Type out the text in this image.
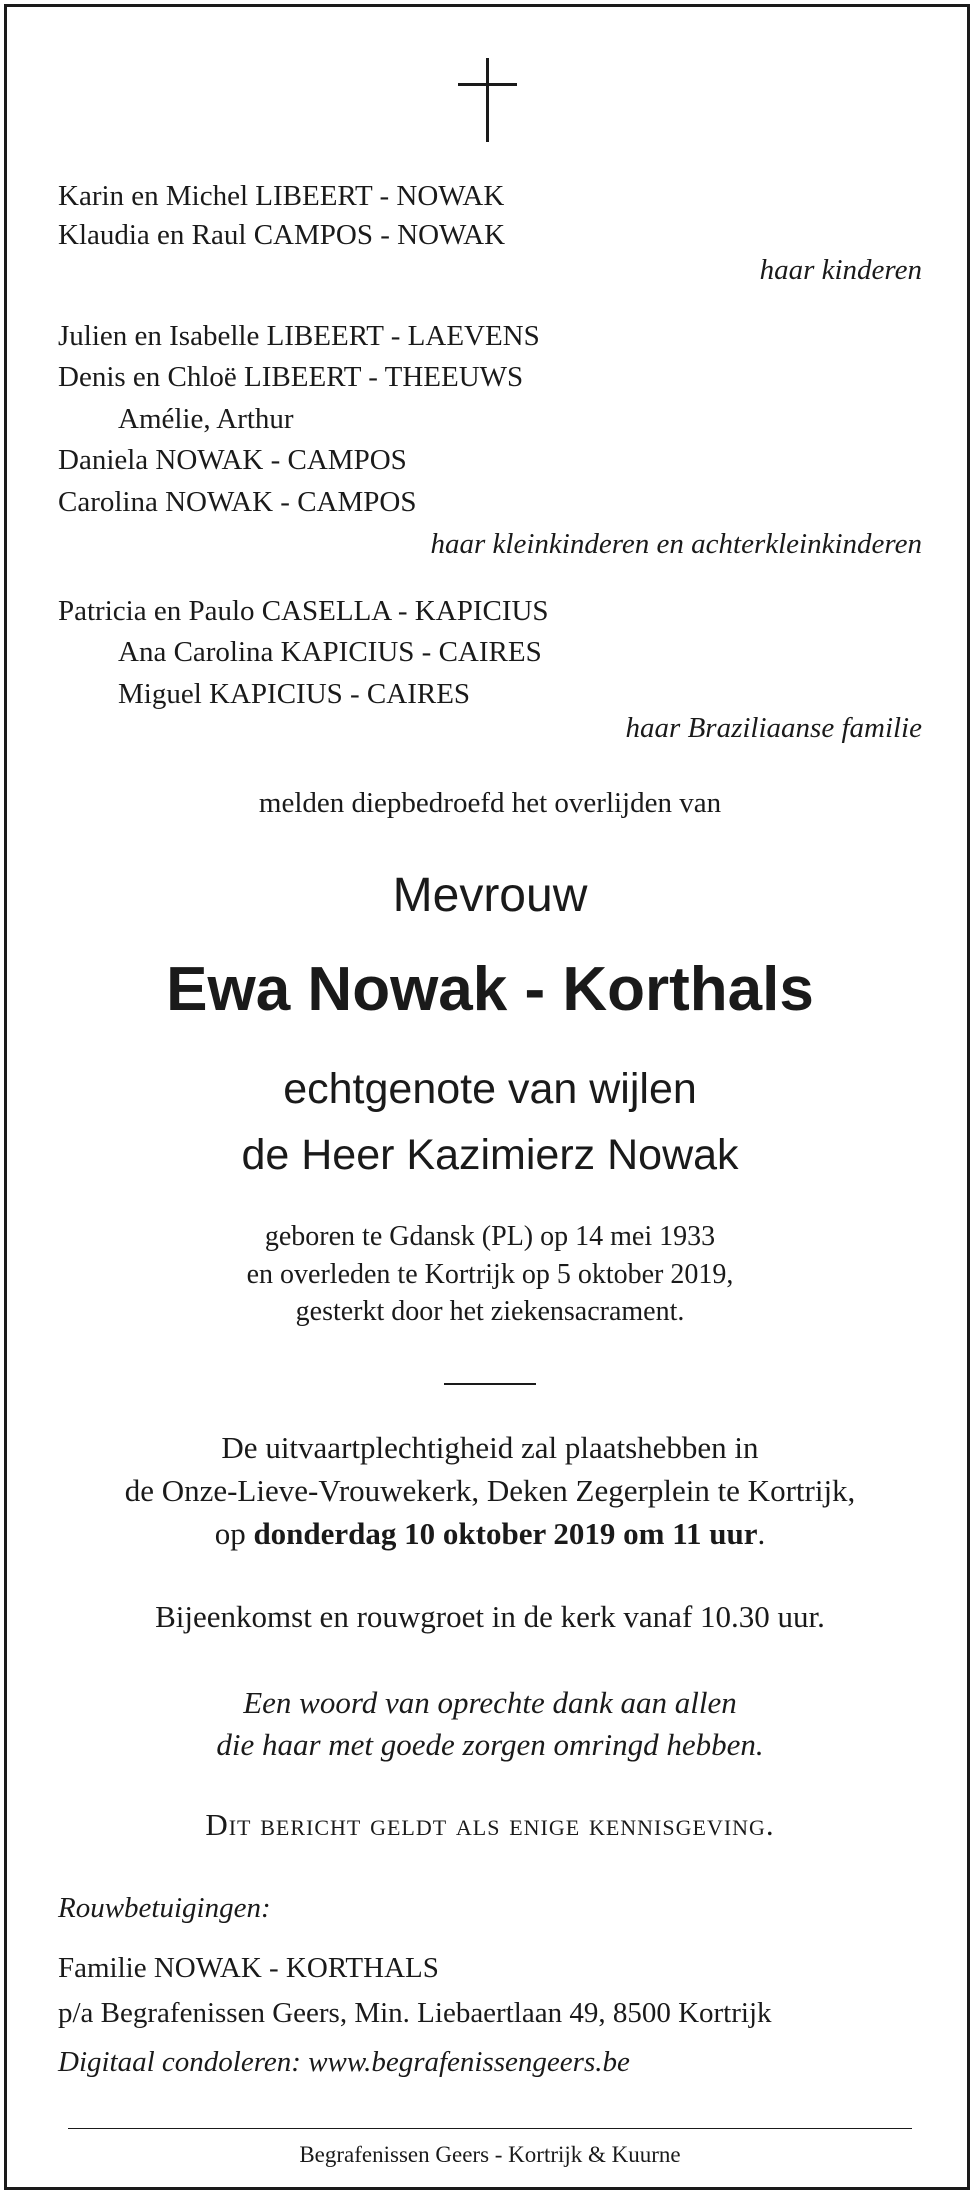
Karin en Michel LIBEERT - NOWAK
Klaudia en Raul CAMPOS - NOWAK
haar kinderen
Julien en Isabelle LIBEERT - LAEVENS
Denis en Chloë LIBEERT - THEEUWS
Amélie, Arthur
Daniela NOWAK - CAMPOS
Carolina NOWAK - CAMPOS
haar kleinkinderen en achterkleinkinderen
Patricia en Paulo CASELLA - KAPICIUS
Ana Carolina KAPICIUS - CAIRES
Miguel KAPICIUS - CAIRES
haar Braziliaanse familie
melden diepbedroefd het overlijden van
Mevrouw
Ewa Nowak - Korthals
echtgenote van wijlen
de Heer Kazimierz Nowak
geboren te Gdansk (PL) op 14 mei 1933
en overleden te Kortrijk op 5 oktober 2019,
gesterkt door het ziekensacrament.
De uitvaartplechtigheid zal plaatshebben in
de Onze-Lieve-Vrouwekerk, Deken Zegerplein te Kortrijk,
op donderdag 10 oktober 2019 om 11 uur.
Bijeenkomst en rouwgroet in de kerk vanaf 10.30 uur.
Een woord van oprechte dank aan allen
die haar met goede zorgen omringd hebben.
Dit bericht geldt als enige kennisgeving.
Rouwbetuigingen:
Familie NOWAK - KORTHALS
p/a Begrafenissen Geers, Min. Liebaertlaan 49, 8500 Kortrijk
Digitaal condoleren: www.begrafenissengeers.be
Begrafenissen Geers - Kortrijk & Kuurne
